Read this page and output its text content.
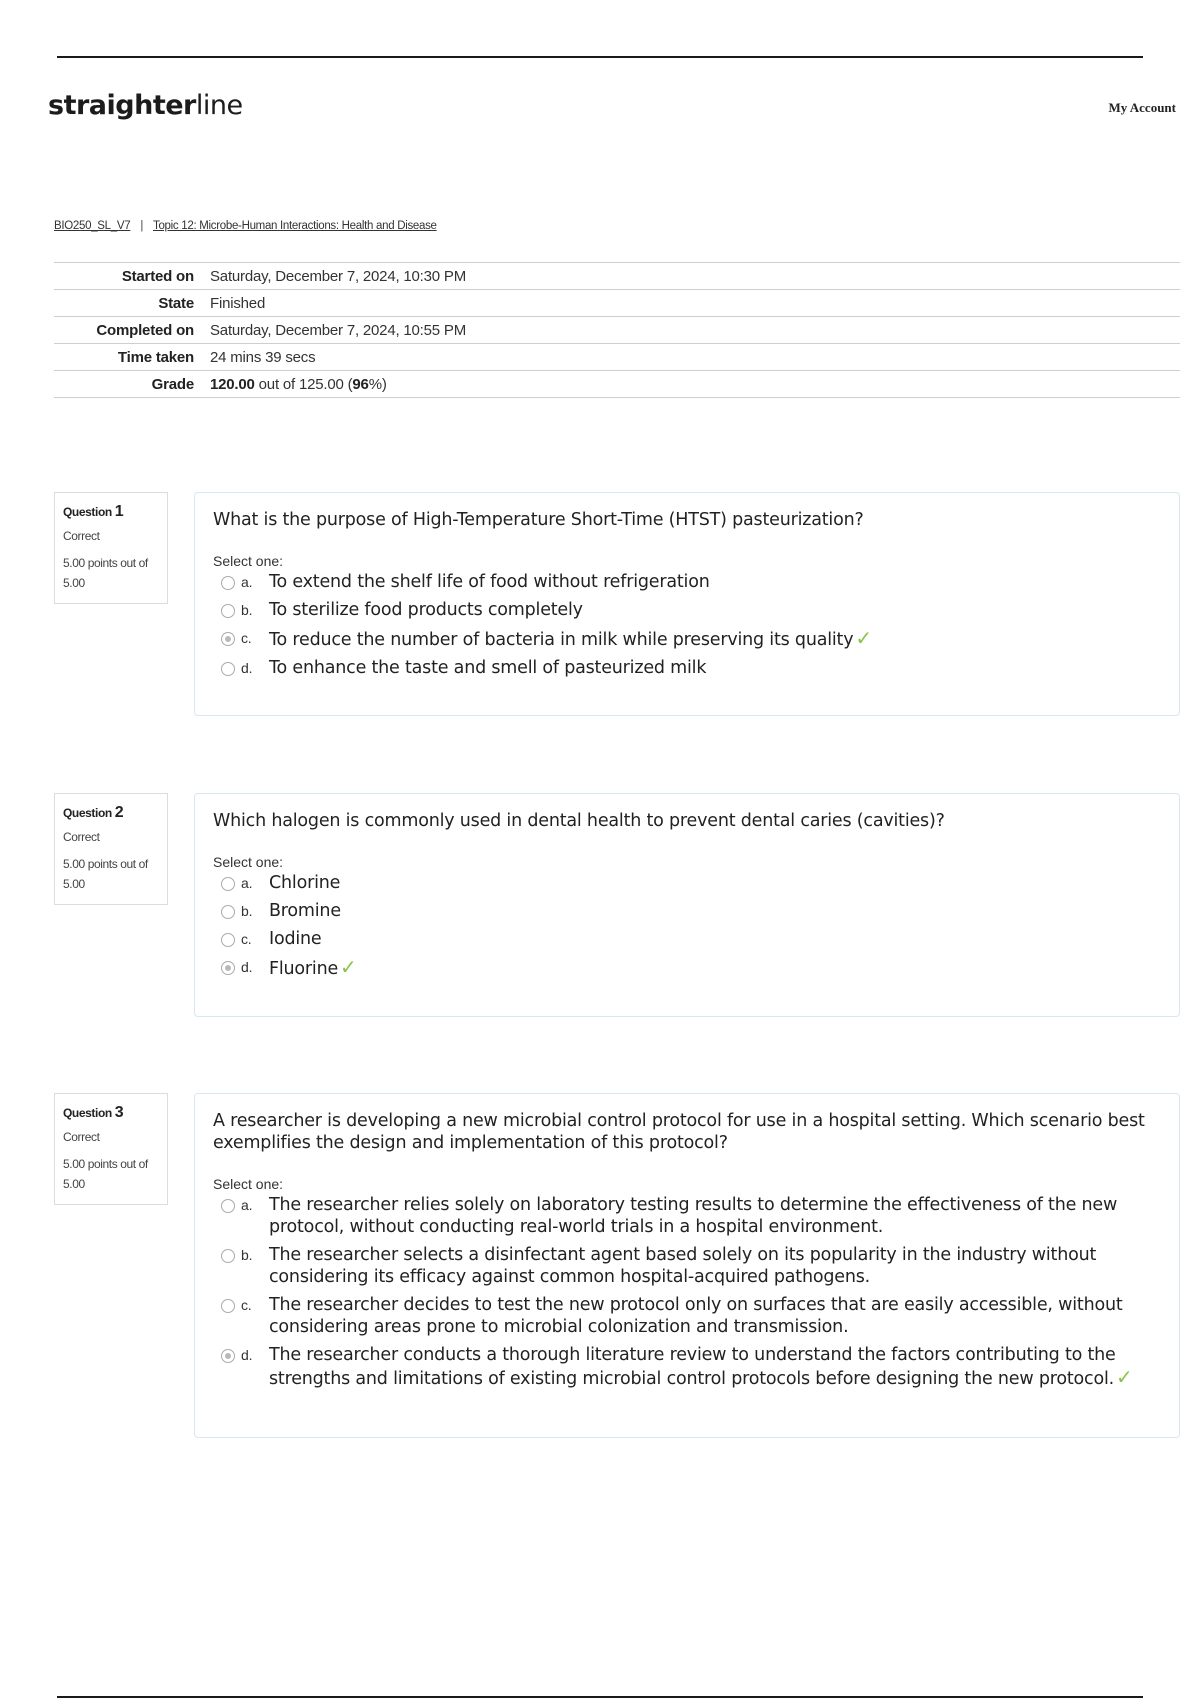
straighterline	My Account
BIO250_SL_V7 | Topic 12: Microbe-Human Interactions: Health and Disease
Started on	Saturday, December 7, 2024, 10:30 PM
State	Finished
Completed on	Saturday, December 7, 2024, 10:55 PM
Time taken	24 mins 39 secs
Grade	120.00 out of 125.00 (96%)
Question 1
Correct
5.00 points out of 5.00
What is the purpose of High-Temperature Short-Time (HTST) pasteurization?
Select one:
a. To extend the shelf life of food without refrigeration
b. To sterilize food products completely
c.	To reduce the number of bacteria in milk while preserving its quality ✓
d. To enhance the taste and smell of pasteurized milk
Question 2
Correct
5.00 points out of 5.00
Which halogen is commonly used in dental health to prevent dental caries (cavities)?
Select one:
a. Chlorine
b. Bromine
c.	Iodine
d. Fluorine ✓
Question 3
Correct
5.00 points out of 5.00
A researcher is developing a new microbial control protocol for use in a hospital setting. Which scenario best exemplifies the design and implementation of this protocol?
Select one:
a. The researcher relies solely on laboratory testing results to determine the effectiveness of the new protocol, without conducting real-world trials in a hospital environment.
b. The researcher selects a disinfectant agent based solely on its popularity in the industry without considering its efficacy against common hospital-acquired pathogens.
c.	The researcher decides to test the new protocol only on surfaces that are easily accessible, without considering areas prone to microbial colonization and transmission.
d. The researcher conducts a thorough literature review to understand the factors contributing to the strengths and limitations of existing microbial control protocols before designing the new protocol. ✓
